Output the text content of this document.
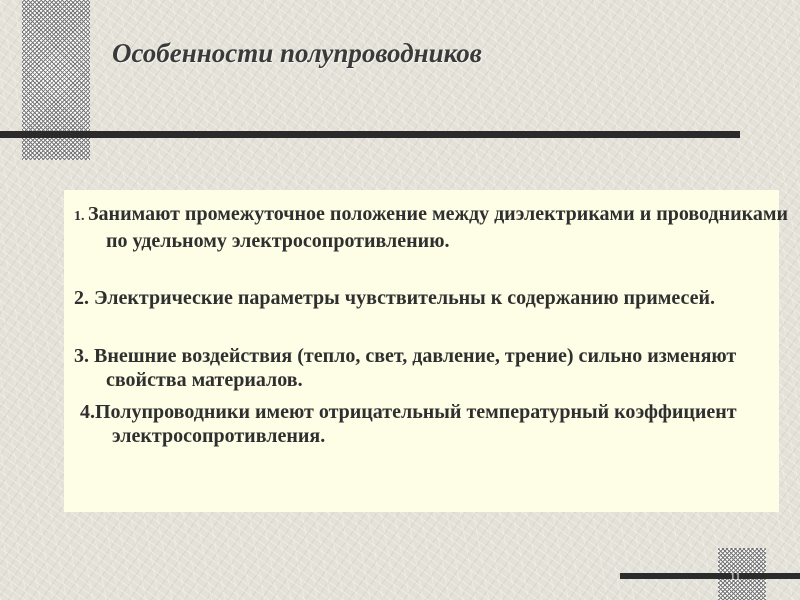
Особенности полупроводников

1. Занимают промежуточное положение между диэлектриками и проводниками по удельному электросопротивлению.

2. Электрические параметры чувствительны к содержанию примесей.

3. Внешние воздействия (тепло, свет, давление, трение) сильно изменяют свойства материалов.

4.Полупроводники имеют отрицательный температурный коэффициент электросопротивления.

11
